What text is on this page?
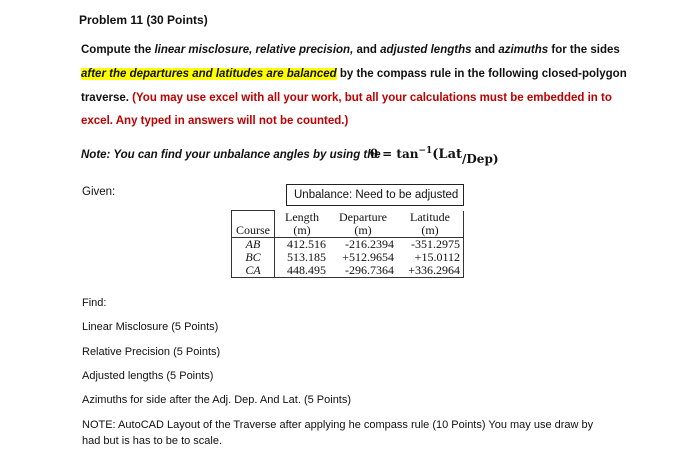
Problem 11 (30 Points)
Compute the linear misclosure, relative precision, and adjusted lengths and azimuths for the sides
after the departures and latitudes are balanced by the compass rule in the following closed-polygon
traverse. (You may use excel with all your work, but all your calculations must be embedded in to
excel. Any typed in answers will not be counted.)
Note: You can find your unbalance angles by using the
$\theta = \tan^{-1}(Lat/Dep)$
Given:	Unbalance: Need to be adjusted
	Length	Departure	Latitude
Course	(m)	(m)	(m)
AB	412.516	-216.2394	-351.2975
BC	513.185	+512.9654	+15.0112
CA	448.495	-296.7364	+336.2964
Find:
Linear Misclosure (5 Points)
Relative Precision (5 Points)
Adjusted lengths (5 Points)
Azimuths for side after the Adj. Dep. And Lat. (5 Points)
NOTE: AutoCAD Layout of the Traverse after applying he compass rule (10 Points) You may use draw by
had but is has to be to scale.
